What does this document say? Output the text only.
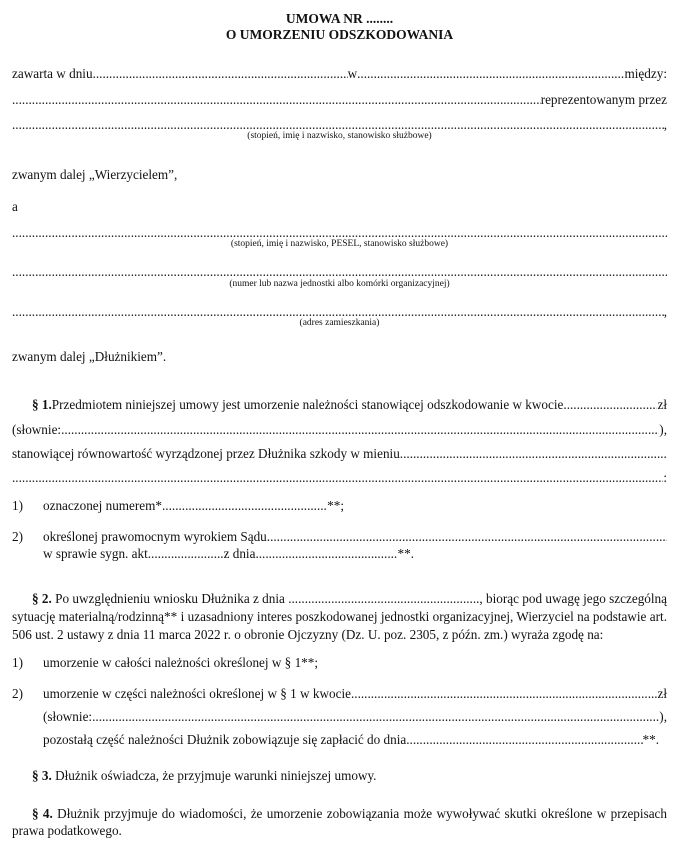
UMOWA NR ........
O UMORZENIU ODSZKODOWANIA
zawarta w dniu .....	w .....	między:
.....
reprezentowanym przez
.....
,
(stopień, imię i nazwisko, stanowisko służbowe)
zwanym dalej „Wierzycielem”,
a
.....
(stopień, imię i nazwisko, PESEL, stanowisko służbowe)
.....
(numer lub nazwa jednostki albo komórki organizacyjnej)
.....
,
(adres zamieszkania)
zwanym dalej „Dłużnikiem”.
§ 1. Przedmiotem niniejszej umowy jest umorzenie należności stanowiącej odszkodowanie w kwocie .....	zł
(słownie: .....	),
stanowiącej równowartość wyrządzonej przez Dłużnika szkody w mieniu
.....
.....
:
1) oznaczonej numerem* .....	**;
2) określonej prawomocnym wyrokiem Sądu
.....
w sprawie sygn. akt ....................... z dnia .....	**.
§ 2. Po uwzględnieniu wniosku Dłużnika z dnia .........................................................., biorąc pod uwagę jego szczególną sytuację materialną/rodzinną** i uzasadniony interes poszkodowanej jednostki organizacyjnej, Wierzyciel na podstawie art. 506 ust. 2 ustawy z dnia 11 marca 2022 r. o obronie Ojczyzny (Dz. U. poz. 2305, z późn. zm.) wyraża zgodę na:
1) umorzenie w całości należności określonej w § 1**;
2) umorzenie w części należności określonej w § 1 w kwocie .....	zł
(słownie: .....	),
pozostałą część należności Dłużnik zobowiązuje się zapłacić do dnia .....	**.
§ 3. Dłużnik oświadcza, że przyjmuje warunki niniejszej umowy.
§ 4. Dłużnik przyjmuje do wiadomości, że umorzenie zobowiązania może wywoływać skutki określone w przepisach prawa podatkowego.
